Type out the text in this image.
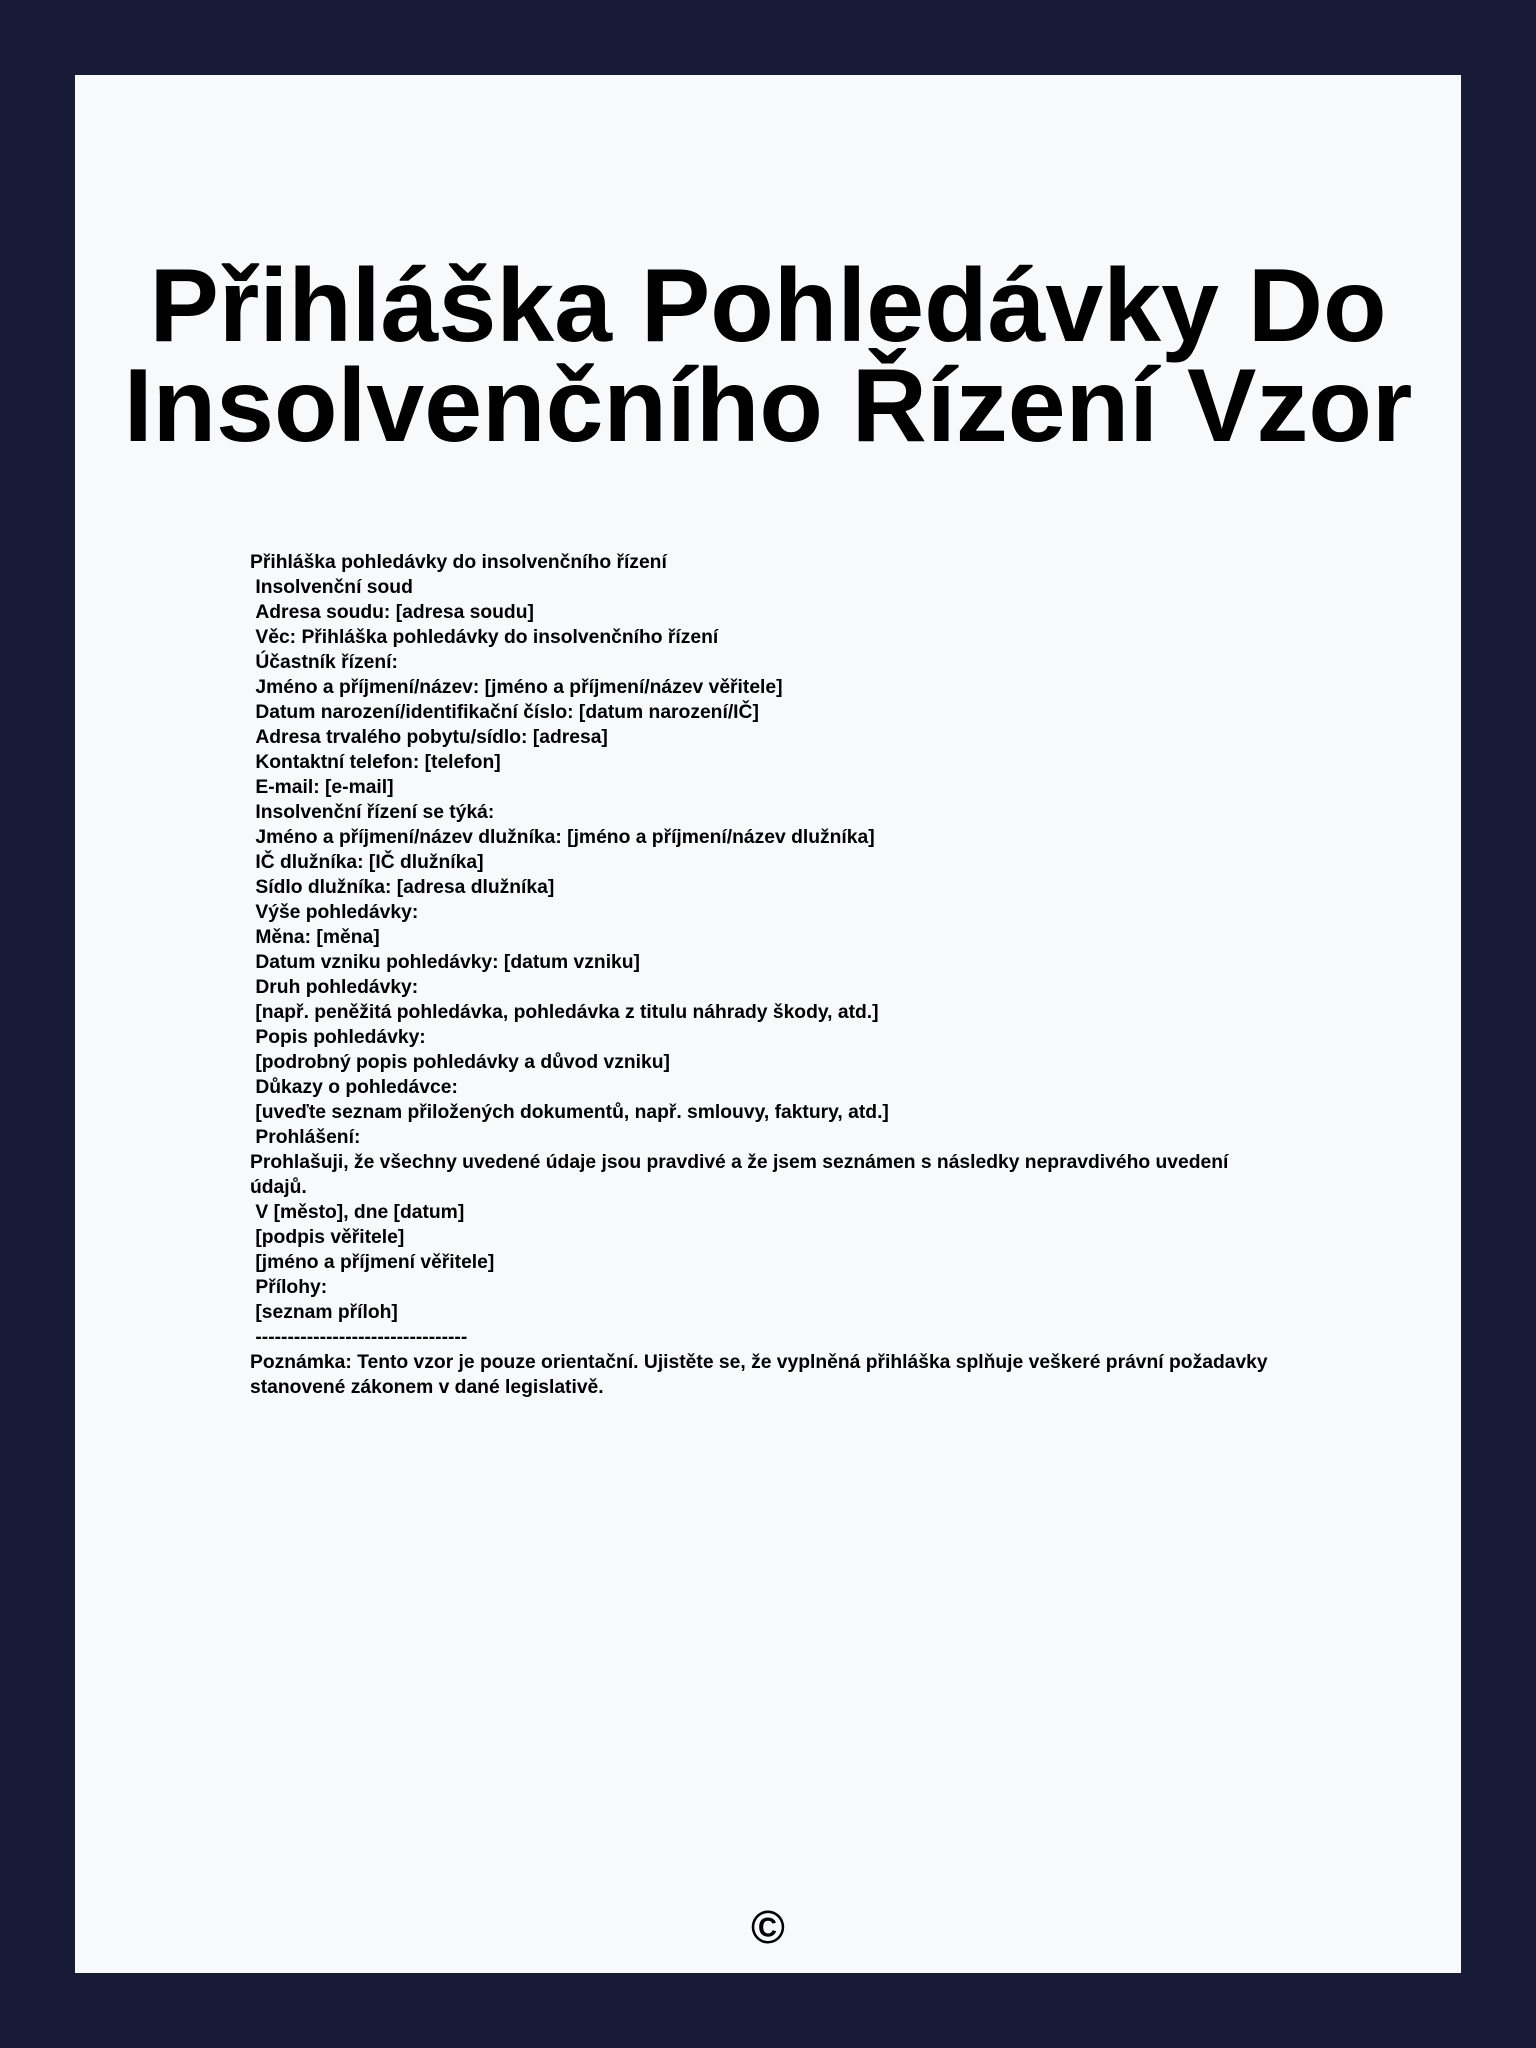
Přihláška Pohledávky Do
Insolvenčního Řízení Vzor
Přihláška pohledávky do insolvenčního řízení
Insolvenční soud
Adresa soudu: [adresa soudu]
Věc: Přihláška pohledávky do insolvenčního řízení
Účastník řízení:
Jméno a příjmení/název: [jméno a příjmení/název věřitele]
Datum narození/identifikační číslo: [datum narození/IČ]
Adresa trvalého pobytu/sídlo: [adresa]
Kontaktní telefon: [telefon]
E-mail: [e-mail]
Insolvenční řízení se týká:
Jméno a příjmení/název dlužníka: [jméno a příjmení/název dlužníka]
IČ dlužníka: [IČ dlužníka]
Sídlo dlužníka: [adresa dlužníka]
Výše pohledávky:
Měna: [měna]
Datum vzniku pohledávky: [datum vzniku]
Druh pohledávky:
[např. peněžitá pohledávka, pohledávka z titulu náhrady škody, atd.]
Popis pohledávky:
[podrobný popis pohledávky a důvod vzniku]
Důkazy o pohledávce:
[uveďte seznam přiložených dokumentů, např. smlouvy, faktury, atd.]
Prohlášení:
Prohlašuji, že všechny uvedené údaje jsou pravdivé a že jsem seznámen s následky nepravdivého uvedení údajů.
V [město], dne [datum]
[podpis věřitele]
[jméno a příjmení věřitele]
Přílohy:
[seznam příloh]
---------------------------------
Poznámka: Tento vzor je pouze orientační. Ujistěte se, že vyplněná přihláška splňuje veškeré právní požadavky stanovené zákonem v dané legislativě.
©
